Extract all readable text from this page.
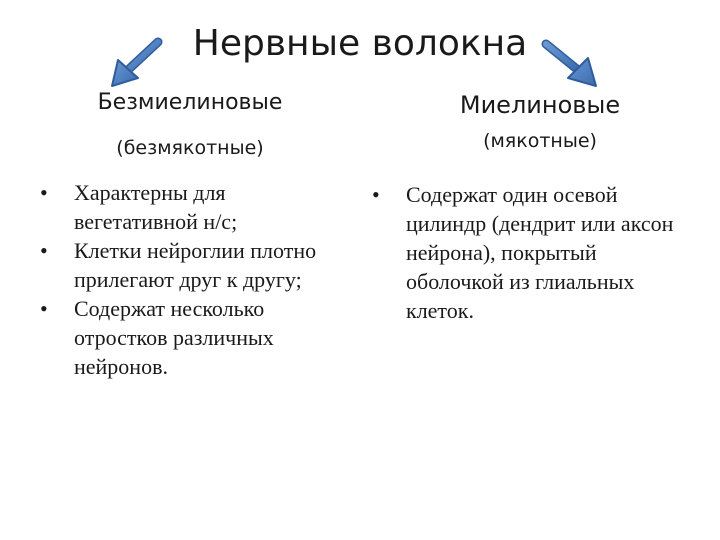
Нервные волокна
Безмиелиновые
(безмякотные)
Миелиновые
(мякотные)
• Характерны для вегетативной н/с;
• Клетки нейроглии плотно прилегают друг к другу;
• Содержат несколько отростков различных нейронов.
• Содержат один осевой цилиндр (дендрит или аксон нейрона), покрытый оболочкой из глиальных клеток.
